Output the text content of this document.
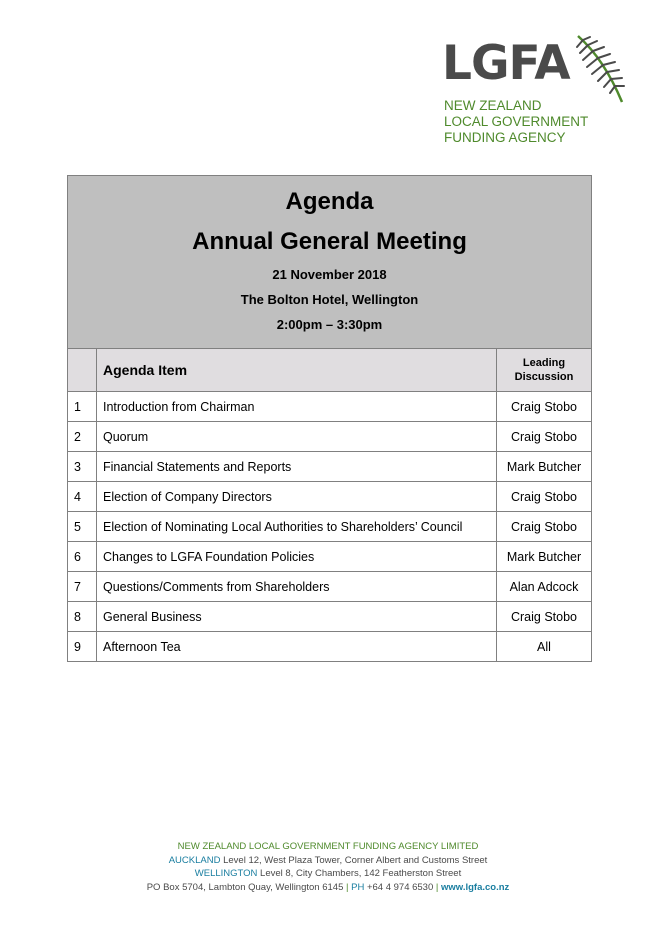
LGFA
NEW ZEALAND
LOCAL GOVERNMENT
FUNDING AGENCY
Agenda
Annual General Meeting
21 November 2018
The Bolton Hotel, Wellington
2:00pm – 3:30pm		

	Agenda Item	Leading Discussion
1	Introduction from Chairman	Craig Stobo
2	Quorum	Craig Stobo
3	Financial Statements and Reports	Mark Butcher
4	Election of Company Directors	Craig Stobo
5	Election of Nominating Local Authorities to Shareholders’ Council	Craig Stobo
6	Changes to LGFA Foundation Policies	Mark Butcher
7	Questions/Comments from Shareholders	Alan Adcock
8	General Business	Craig Stobo
9	Afternoon Tea	All
NEW ZEALAND LOCAL GOVERNMENT FUNDING AGENCY LIMITED
AUCKLAND Level 12, West Plaza Tower, Corner Albert and Customs Street
WELLINGTON Level 8, City Chambers, 142 Featherston Street
PO Box 5704, Lambton Quay, Wellington 6145 | PH +64 4 974 6530 | www.lgfa.co.nz
